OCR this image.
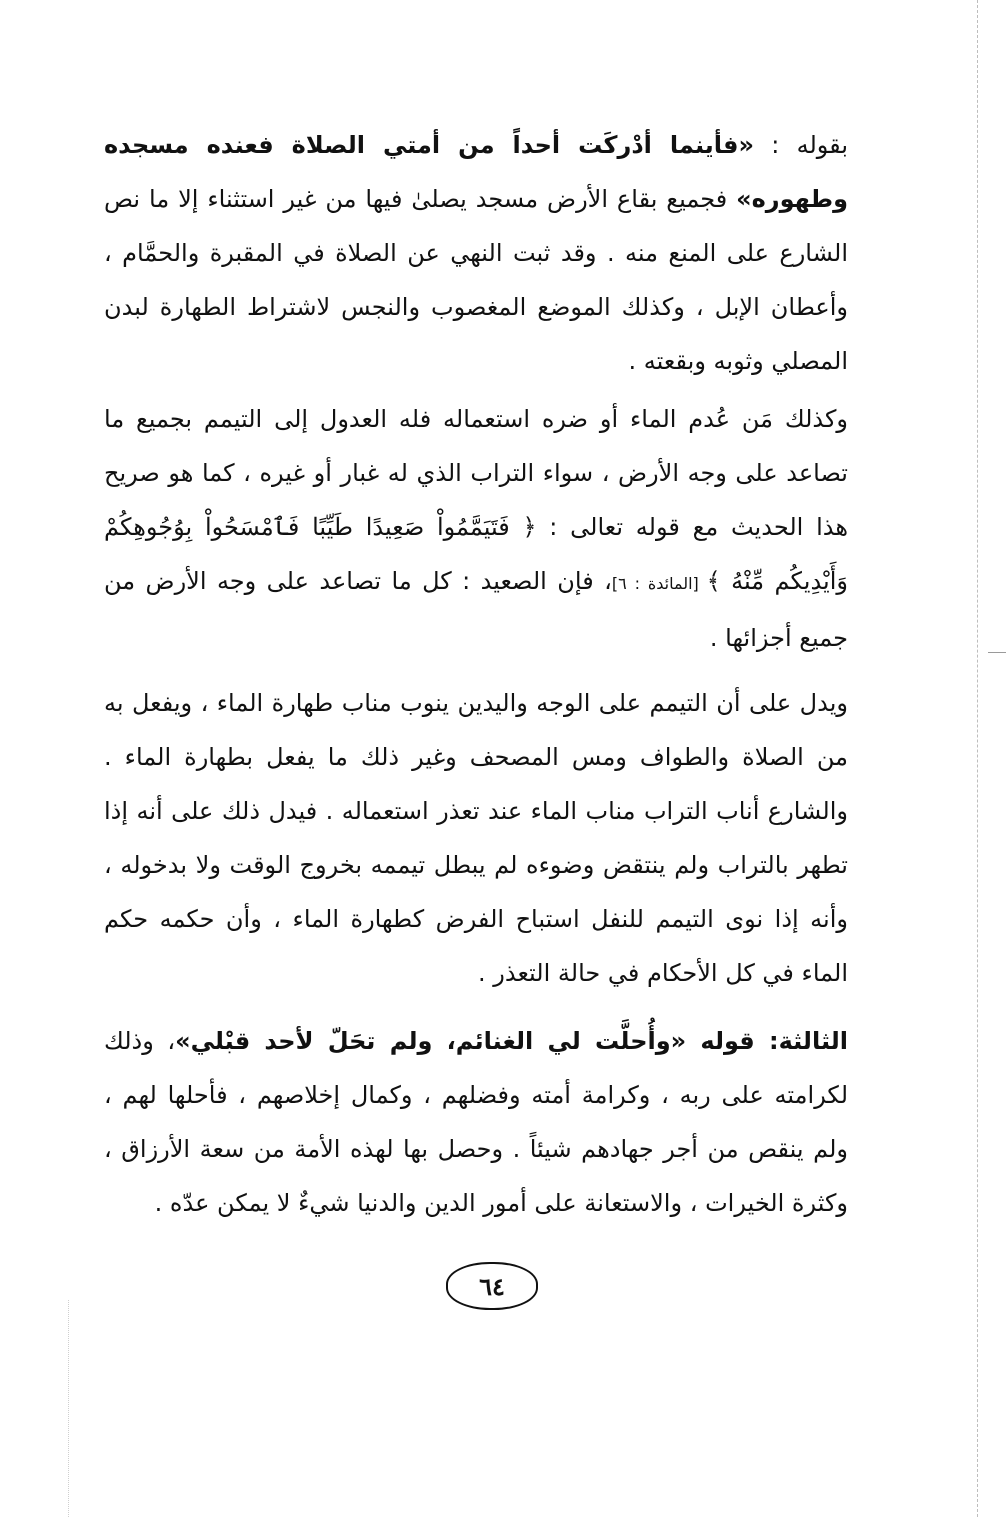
بقوله : «فأينما أدْركَت أحداً من أمتي الصلاة فعنده مسجده وطهوره» فجميع بقاع الأرض مسجد يصلىٰ فيها من غير استثناء إلا ما نص الشارع على المنع منه . وقد ثبت النهي عن الصلاة في المقبرة والحمَّام ، وأعطان الإبل ، وكذلك الموضع المغصوب والنجس لاشتراط الطهارة لبدن المصلي وثوبه وبقعته .

وكذلك مَن عُدم الماء أو ضره استعماله فله العدول إلى التيمم بجميع ما تصاعد على وجه الأرض ، سواء التراب الذي له غبار أو غيره ، كما هو صريح هذا الحديث مع قوله تعالى : ﴿ فَتَيَمَّمُواْ صَعِيدًا طَيِّبًا فَٱمْسَحُواْ بِوُجُوهِكُمْ وَأَيْدِيكُم مِّنْهُ ﴾ [المائدة : ٦]، فإن الصعيد : كل ما تصاعد على وجه الأرض من جميع أجزائها .

ويدل على أن التيمم على الوجه واليدين ينوب مناب طهارة الماء ، ويفعل به من الصلاة والطواف ومس المصحف وغير ذلك ما يفعل بطهارة الماء . والشارع أناب التراب مناب الماء عند تعذر استعماله . فيدل ذلك على أنه إذا تطهر بالتراب ولم ينتقض وضوءه لم يبطل تيممه بخروج الوقت ولا بدخوله ، وأنه إذا نوى التيمم للنفل استباح الفرض كطهارة الماء ، وأن حكمه حكم الماء في كل الأحكام في حالة التعذر .

الثالثة: قوله «وأُحلَّت لي الغنائم، ولم تحَلّ لأحد قبْلي»، وذلك لكرامته على ربه ، وكرامة أمته وفضلهم ، وكمال إخلاصهم ، فأحلها لهم ، ولم ينقص من أجر جهادهم شيئاً . وحصل بها لهذه الأمة من سعة الأرزاق ، وكثرة الخيرات ، والاستعانة على أمور الدين والدنيا شيءٌ لا يمكن عدّه .

٦٤
